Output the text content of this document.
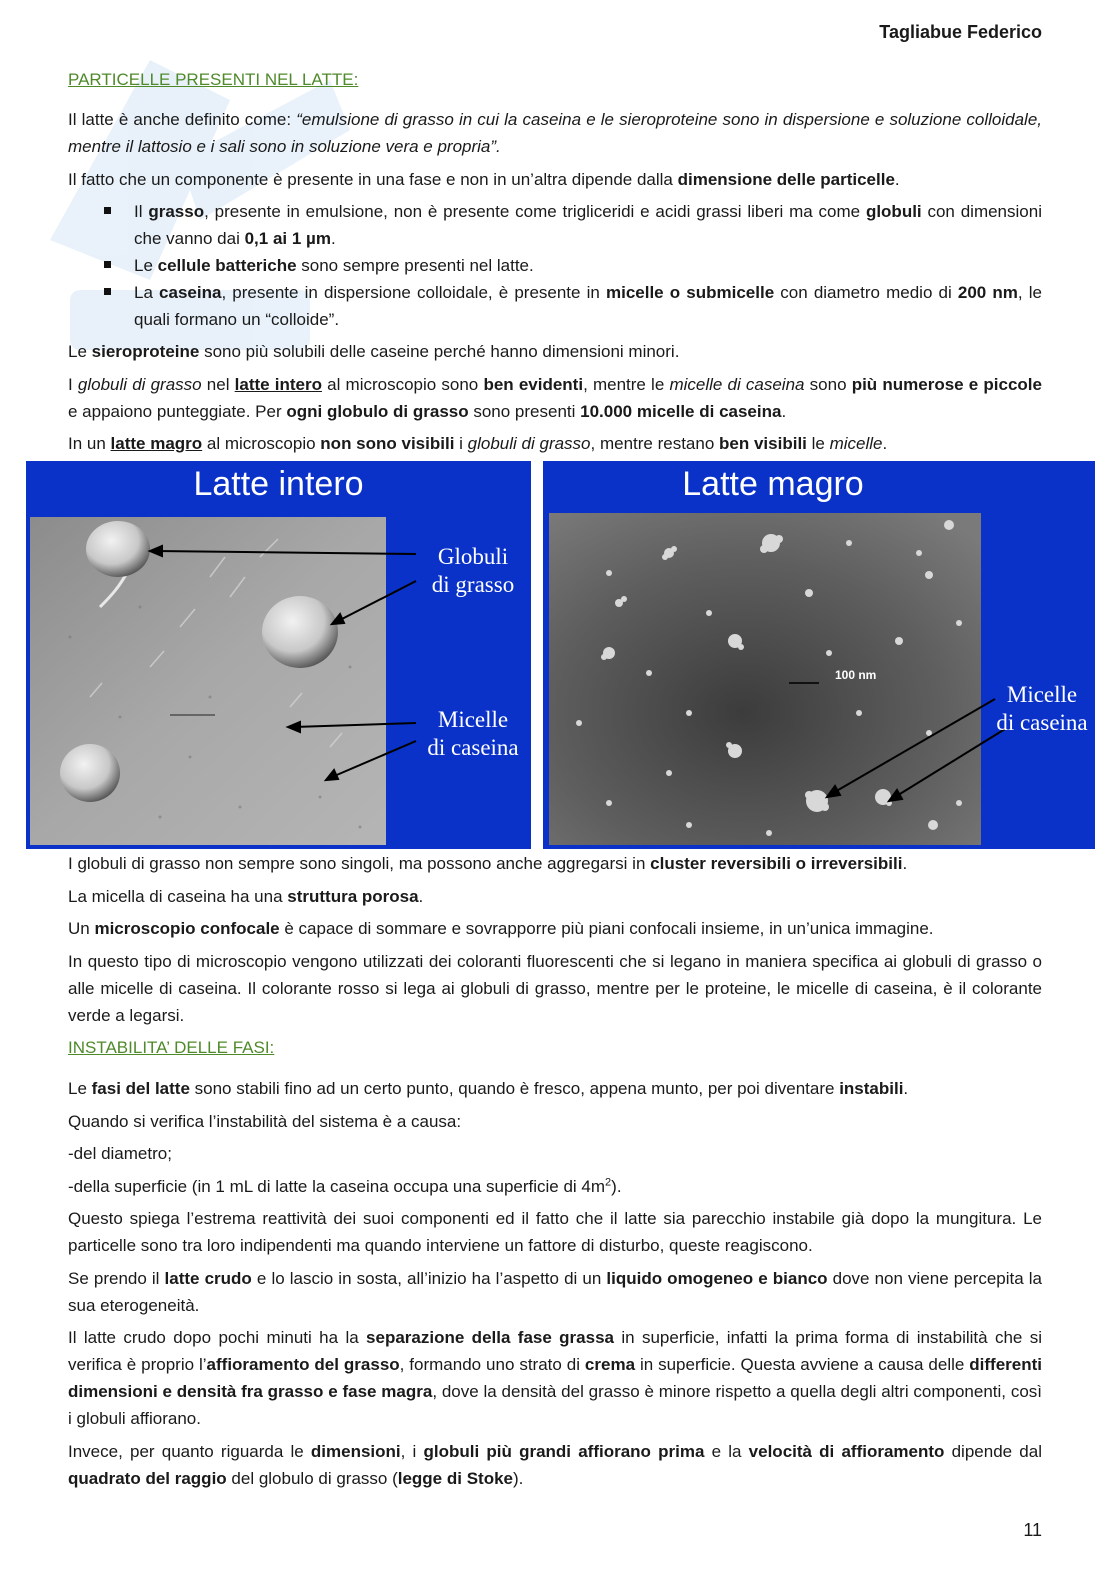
Tagliabue Federico

PARTICELLE PRESENTI NEL LATTE:

Il latte è anche definito come: “emulsione di grasso in cui la caseina e le sieroproteine sono in dispersione e soluzione colloidale, mentre il lattosio e i sali sono in soluzione vera e propria”.

Il fatto che un componente è presente in una fase e non in un’altra dipende dalla dimensione delle particelle.

Il grasso, presente in emulsione, non è presente come trigliceridi e acidi grassi liberi ma come globuli con dimensioni che vanno dai 0,1 ai 1 µm.
Le cellule batteriche sono sempre presenti nel latte.
La caseina, presente in dispersione colloidale, è presente in micelle o submicelle con diametro medio di 200 nm, le quali formano un “colloide”.

Le sieroproteine sono più solubili delle caseine perché hanno dimensioni minori.

I globuli di grasso nel latte intero al microscopio sono ben evidenti, mentre le micelle di caseina sono più numerose e piccole e appaiono punteggiate. Per ogni globulo di grasso sono presenti 10.000 micelle di caseina.

In un latte magro al microscopio non sono visibili i globuli di grasso, mentre restano ben visibili le micelle.

Latte intero
Globuli
di grasso
Micelle
di caseina
Latte magro
100 nm
Micelle
di caseina

I globuli di grasso non sempre sono singoli, ma possono anche aggregarsi in cluster reversibili o irreversibili.

La micella di caseina ha una struttura porosa.

Un microscopio confocale è capace di sommare e sovrapporre più piani confocali insieme, in un’unica immagine.

In questo tipo di microscopio vengono utilizzati dei coloranti fluorescenti che si legano in maniera specifica ai globuli di grasso o alle micelle di caseina. Il colorante rosso si lega ai globuli di grasso, mentre per le proteine, le micelle di caseina, è il colorante verde a legarsi.

INSTABILITA’ DELLE FASI:

Le fasi del latte sono stabili fino ad un certo punto, quando è fresco, appena munto, per poi diventare instabili.

Quando si verifica l’instabilità del sistema è a causa:

-del diametro;

-della superficie (in 1 mL di latte la caseina occupa una superficie di $4m^2$).

Questo spiega l’estrema reattività dei suoi componenti ed il fatto che il latte sia parecchio instabile già dopo la mungitura. Le particelle sono tra loro indipendenti ma quando interviene un fattore di disturbo, queste reagiscono.

Se prendo il latte crudo e lo lascio in sosta, all’inizio ha l’aspetto di un liquido omogeneo e bianco dove non viene percepita la sua eterogeneità.

Il latte crudo dopo pochi minuti ha la separazione della fase grassa in superficie, infatti la prima forma di instabilità che si verifica è proprio l’affioramento del grasso, formando uno strato di crema in superficie. Questa avviene a causa delle differenti dimensioni e densità fra grasso e fase magra, dove la densità del grasso è minore rispetto a quella degli altri componenti, così i globuli affiorano.

Invece, per quanto riguarda le dimensioni, i globuli più grandi affiorano prima e la velocità di affioramento dipende dal quadrato del raggio del globulo di grasso (legge di Stoke).

11
